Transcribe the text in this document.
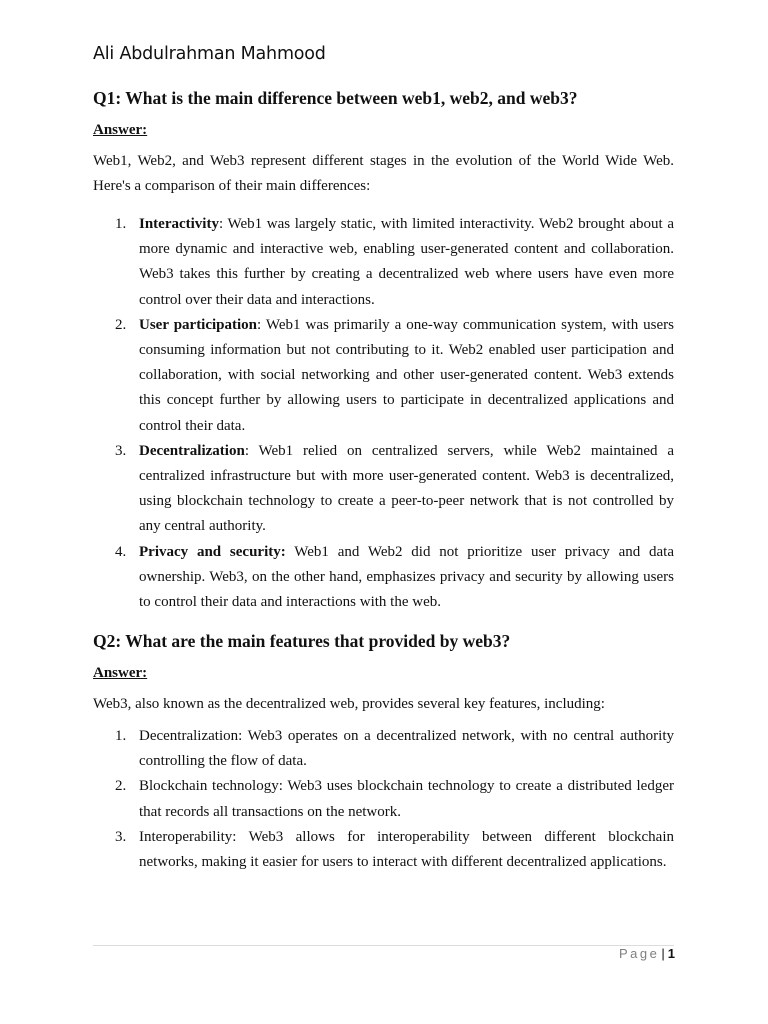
Ali Abdulrahman Mahmood
Q1: What is the main difference between web1, web2, and web3?

Answer:

Web1, Web2, and Web3 represent different stages in the evolution of the World Wide Web. Here's a comparison of their main differences:

1. Interactivity: Web1 was largely static, with limited interactivity. Web2 brought about a more dynamic and interactive web, enabling user-generated content and collaboration. Web3 takes this further by creating a decentralized web where users have even more control over their data and interactions.
2. User participation: Web1 was primarily a one-way communication system, with users consuming information but not contributing to it. Web2 enabled user participation and collaboration, with social networking and other user-generated content. Web3 extends this concept further by allowing users to participate in decentralized applications and control their data.
3. Decentralization: Web1 relied on centralized servers, while Web2 maintained a centralized infrastructure but with more user-generated content. Web3 is decentralized, using blockchain technology to create a peer-to-peer network that is not controlled by any central authority.
4. Privacy and security: Web1 and Web2 did not prioritize user privacy and data ownership. Web3, on the other hand, emphasizes privacy and security by allowing users to control their data and interactions with the web.
Q2: What are the main features that provided by web3?

Answer:

Web3, also known as the decentralized web, provides several key features, including:

1. Decentralization: Web3 operates on a decentralized network, with no central authority controlling the flow of data.
2. Blockchain technology: Web3 uses blockchain technology to create a distributed ledger that records all transactions on the network.
3. Interoperability: Web3 allows for interoperability between different blockchain networks, making it easier for users to interact with different decentralized applications.
Page | 1
